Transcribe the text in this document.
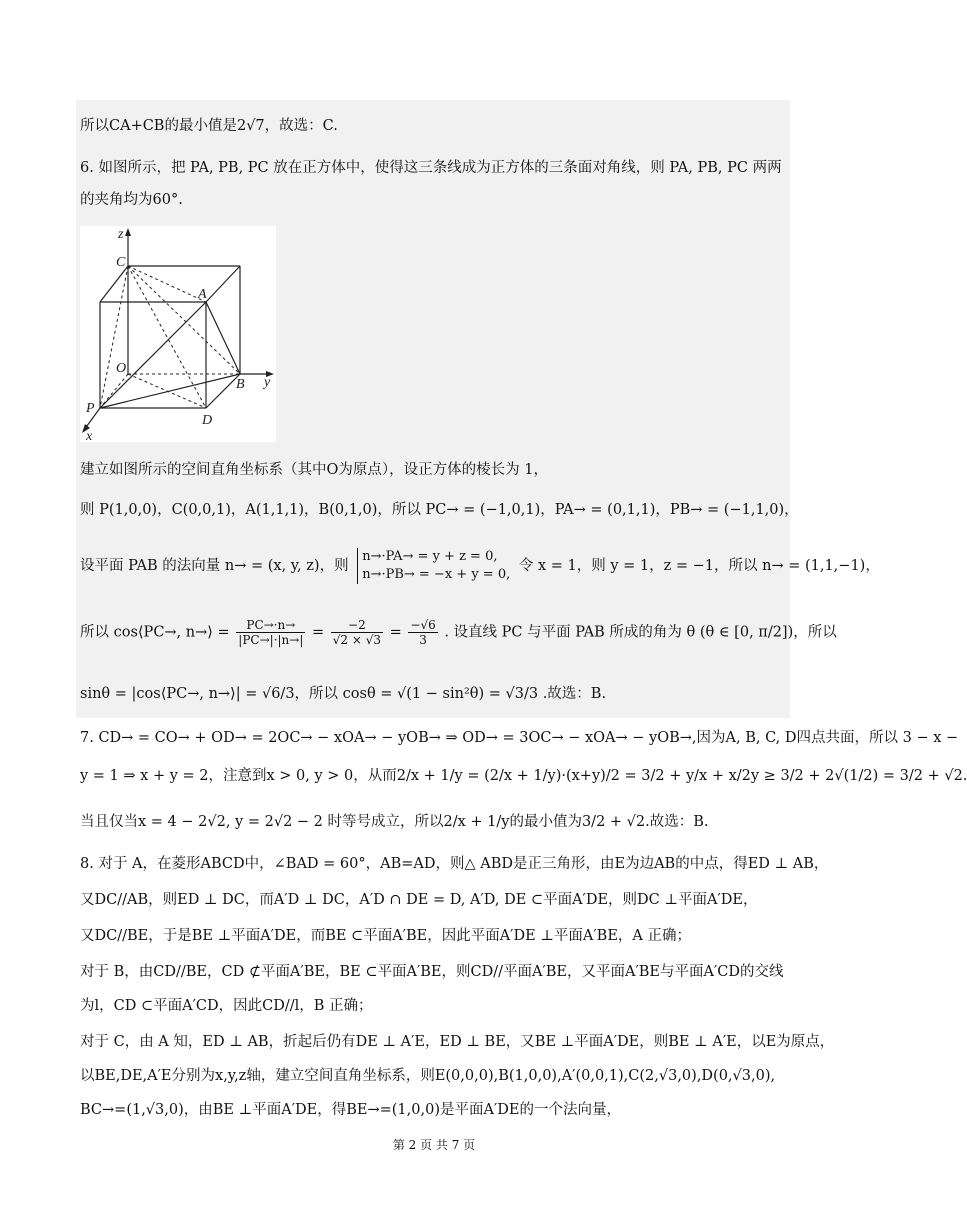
所以CA+CB的最小值是2√7，故选：C.
6. 如图所示，把 PA, PB, PC 放在正方体中，使得这三条线成为正方体的三条面对角线，则 PA, PB, PC 两两
的夹角均为60°.
z
y
x
C
A
O
B
P
D
建立如图所示的空间直角坐标系（其中O为原点），设正方体的棱长为 1，
则 P(1,0,0)，C(0,0,1)，A(1,1,1)，B(0,1,0)，所以 PC→ = (−1,0,1)，PA→ = (0,1,1)，PB→ = (−1,1,0)，
设平面 PAB 的法向量 n→ = (x, y, z)，则
n→·PA→ = y + z = 0,
n→·PB→ = −x + y = 0,
令 x = 1，则 y = 1，z = −1，所以 n→ = (1,1,−1)，
所以 cos⟨PC→, n→⟩ = $\frac{PC\to\cdot n\to}{|PC\to|\cdot|n\to|} = \frac{-2}{√2 \times √3} = \frac{-√6}{3}$ . 设直线 PC 与平面 PAB 所成的角为 θ (θ ∈ [0, π/2])，所以
sinθ = |cos⟨PC→, n→⟩| = √6/3，所以 cosθ = √(1 − sin²θ) = √3/3 .故选：B.
7. CD→ = CO→ + OD→ = 2OC→ − xOA→ − yOB→ ⇒ OD→ = 3OC→ − xOA→ − yOB→,因为A, B, C, D四点共面，所以 3 − x −
y = 1 ⇒ x + y = 2，注意到x > 0, y > 0，从而2/x + 1/y = (2/x + 1/y)·(x+y)/2 = 3/2 + y/x + x/2y ≥ 3/2 + 2√(1/2) = 3/2 + √2.
当且仅当x = 4 − 2√2, y = 2√2 − 2 时等号成立，所以2/x + 1/y的最小值为3/2 + √2.故选：B.
8. 对于 A，在菱形ABCD中，∠BAD = 60°，AB=AD，则△ ABD是正三角形，由E为边AB的中点，得ED ⊥ AB，
又DC//AB，则ED ⊥ DC，而A′D ⊥ DC，A′D ∩ DE = D, A′D, DE ⊂平面A′DE，则DC ⊥平面A′DE，
又DC//BE，于是BE ⊥平面A′DE，而BE ⊂平面A′BE，因此平面A′DE ⊥平面A′BE，A 正确；
对于 B，由CD//BE，CD ⊄平面A′BE，BE ⊂平面A′BE，则CD//平面A′BE，又平面A′BE与平面A′CD的交线
为l，CD ⊂平面A′CD，因此CD//l，B 正确；
对于 C，由 A 知，ED ⊥ AB，折起后仍有DE ⊥ A′E，ED ⊥ BE，又BE ⊥平面A′DE，则BE ⊥ A′E，以E为原点，
以BE,DE,A′E分别为x,y,z轴，建立空间直角坐标系，则E(0,0,0),B(1,0,0),A′(0,0,1),C(2,√3,0),D(0,√3,0),
BC→=(1,√3,0)，由BE ⊥平面A′DE，得BE→=(1,0,0)是平面A′DE的一个法向量，
第 2 页 共 7 页
